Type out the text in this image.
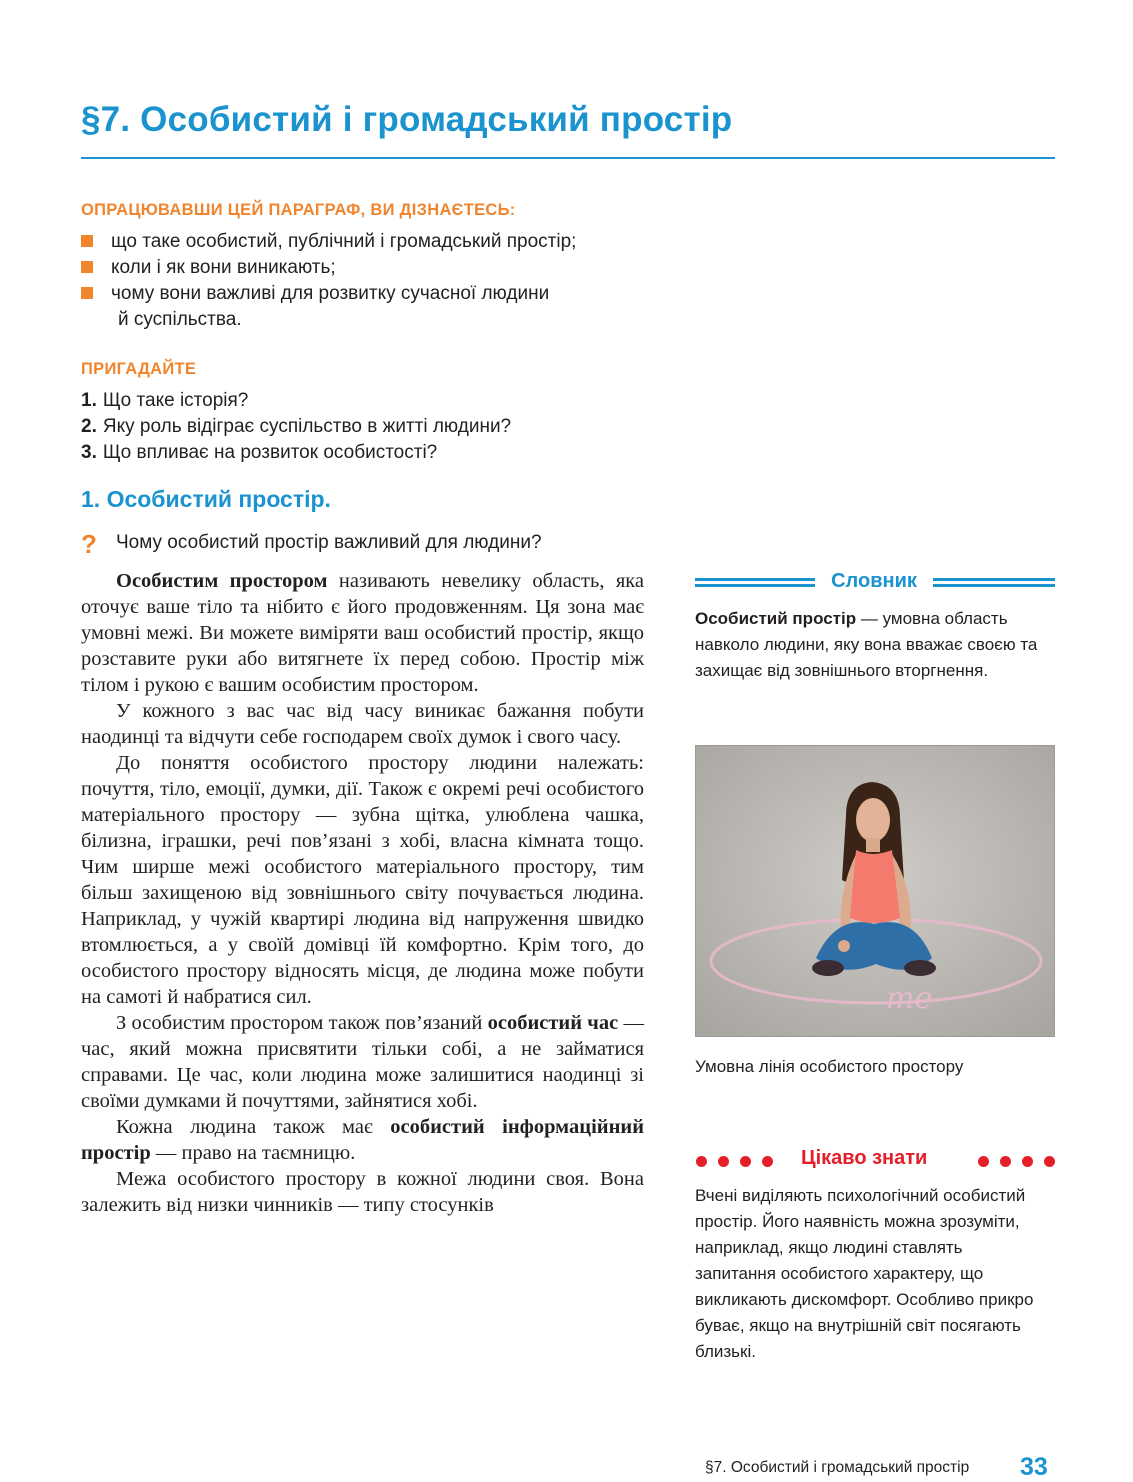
§7. Особистий і громадський простір
ОПРАЦЮВАВШИ ЦЕЙ ПАРАГРАФ, ВИ ДІЗНАЄТЕСЬ:
що таке особистий, публічний і громадський простір;
коли і як вони виникають;
чому вони важливі для розвитку сучасної людини
й суспільства.
ПРИГАДАЙТЕ
1. Що таке історія?
2. Яку роль відіграє суспільство в житті людини?
3. Що впливає на розвиток особистості?
1. Особистий простір.
? Чому особистий простір важливий для людини?

Особистим простором називають невелику область, яка оточує ваше тіло та нібито є його продовженням. Ця зона має умовні межі. Ви можете виміряти ваш особистий простір, якщо розставите руки або витягнете їх перед собою. Простір між тілом і рукою є вашим особистим простором.

У кожного з вас час від часу виникає бажання побути наодинці та відчути себе господарем своїх думок і свого часу.

До поняття особистого простору людини належать: почуття, тіло, емоції, думки, дії. Також є окремі речі особистого матеріального простору — зубна щітка, улюблена чашка, білизна, іграшки, речі пов’язані з хобі, власна кімната тощо. Чим ширше межі особистого матеріального простору, тим більш захищеною від зовнішнього світу почувається людина. Наприклад, у чужій квартирі людина від напруження швидко втомлюється, а у своїй домівці їй комфортно. Крім того, до особистого простору відносять місця, де людина може побути на самоті й набратися сил.

З особистим простором також пов’язаний особистий час — час, який можна присвятити тільки собі, а не займатися справами. Це час, коли людина може залишитися наодинці зі своїми думками й почуттями, зайнятися хобі.

Кожна людина також має особистий інформаційний простір — право на таємницю.

Межа особистого простору в кожної людини своя. Вона залежить від низки чинників — типу стосунків

Словник
Особистий простір — умовна область навколо людини, яку вона вважає своєю та захищає від зовнішнього вторгнення.
me
Умовна лінія особистого простору
Цікаво знати
Вчені виділяють психологічний особистий простір. Його наявність можна зрозуміти, наприклад, якщо людині ставлять запитання особистого характеру, що викликають дискомфорт. Особливо прикро буває, якщо на внутрішній світ посягають близькі.
§7. Особистий і громадський простір 33
